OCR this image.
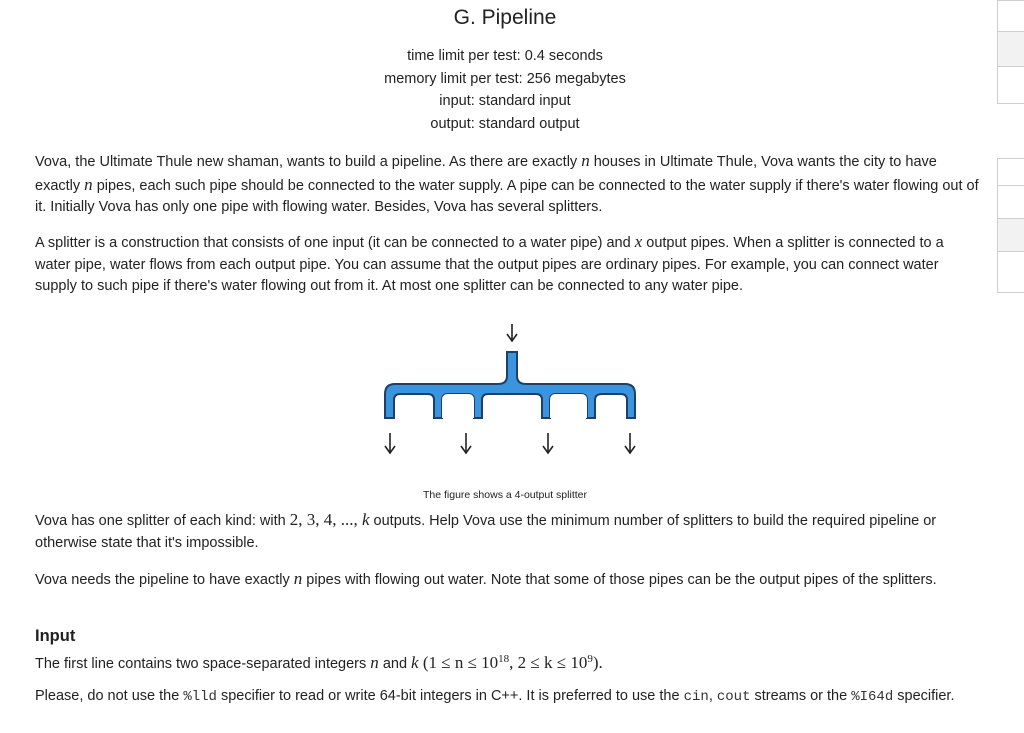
G. Pipeline
time limit per test: 0.4 seconds
memory limit per test: 256 megabytes
input: standard input
output: standard output
Vova, the Ultimate Thule new shaman, wants to build a pipeline. As there are exactly n houses in Ultimate Thule, Vova wants the city to have exactly n pipes, each such pipe should be connected to the water supply. A pipe can be connected to the water supply if there's water flowing out of it. Initially Vova has only one pipe with flowing water. Besides, Vova has several splitters.
A splitter is a construction that consists of one input (it can be connected to a water pipe) and x output pipes. When a splitter is connected to a water pipe, water flows from each output pipe. You can assume that the output pipes are ordinary pipes. For example, you can connect water supply to such pipe if there's water flowing out from it. At most one splitter can be connected to any water pipe.
The figure shows a 4-output splitter
Vova has one splitter of each kind: with 2, 3, 4, ..., k outputs. Help Vova use the minimum number of splitters to build the required pipeline or otherwise state that it's impossible.
Vova needs the pipeline to have exactly n pipes with flowing out water. Note that some of those pipes can be the output pipes of the splitters.
Input
The first line contains two space-separated integers n and k ($1 \le n \le 10^{18}$, $2 \le k \le 10^9$).
Please, do not use the %lld specifier to read or write 64-bit integers in С++. It is preferred to use the cin, cout streams or the %I64d specifier.
